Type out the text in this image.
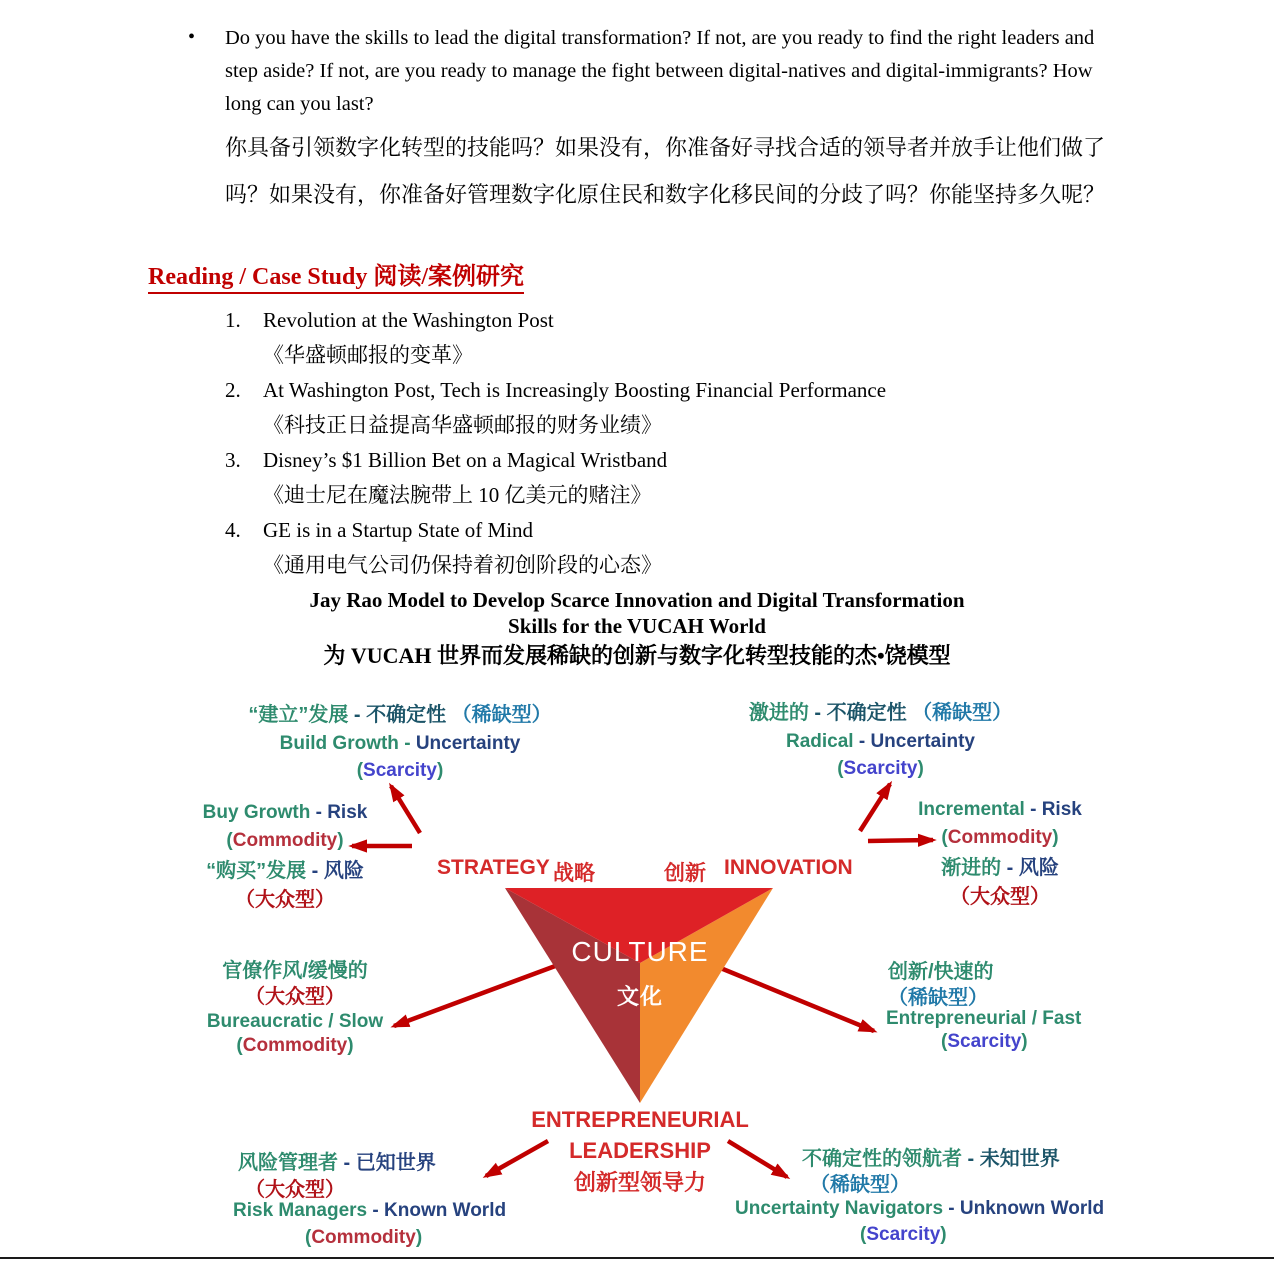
• Do you have the skills to lead the digital transformation? If not, are you ready to find the right leaders and step aside? If not, are you ready to manage the fight between digital-natives and digital-immigrants? How long can you last?

你具备引领数字化转型的技能吗？如果没有，你准备好寻找合适的领导者并放手让他们做了吗？如果没有，你准备好管理数字化原住民和数字化移民间的分歧了吗？你能坚持多久呢？

Reading / Case Study 阅读/案例研究
1.	Revolution at the Washington Post
《华盛顿邮报的变革》
2.	At Washington Post, Tech is Increasingly Boosting Financial Performance
《科技正日益提高华盛顿邮报的财务业绩》
3.	Disney’s $1 Billion Bet on a Magical Wristband
《迪士尼在魔法腕带上 10 亿美元的赌注》
4.	GE is in a Startup State of Mind
《通用电气公司仍保持着初创阶段的心态》
Jay Rao Model to Develop Scarce Innovation and Digital Transformation
Skills for the VUCAH World
为 VUCAH 世界而发展稀缺的创新与数字化转型技能的杰•饶模型
“建立”发展 - 不确定性 （稀缺型）
Build Growth - Uncertainty
(Scarcity)
Buy Growth - Risk
(Commodity)
“购买”发展 - 风险
（大众型）
激进的 - 不确定性 （稀缺型）
Radical - Uncertainty
(Scarcity)
Incremental - Risk
(Commodity)
渐进的 - 风险
（大众型）
STRATEGY 战略	创新 INNOVATION
CULTURE
文化
官僚作风/缓慢的
（大众型）
Bureaucratic / Slow
(Commodity)
创新/快速的
（稀缺型）
Entrepreneurial / Fast
(Scarcity)
ENTREPRENEURIAL
LEADERSHIP
创新型领导力
风险管理者 - 已知世界
（大众型）
Risk Managers - Known World
(Commodity)
不确定性的领航者 - 未知世界
（稀缺型）
Uncertainty Navigators - Unknown World
(Scarcity)
